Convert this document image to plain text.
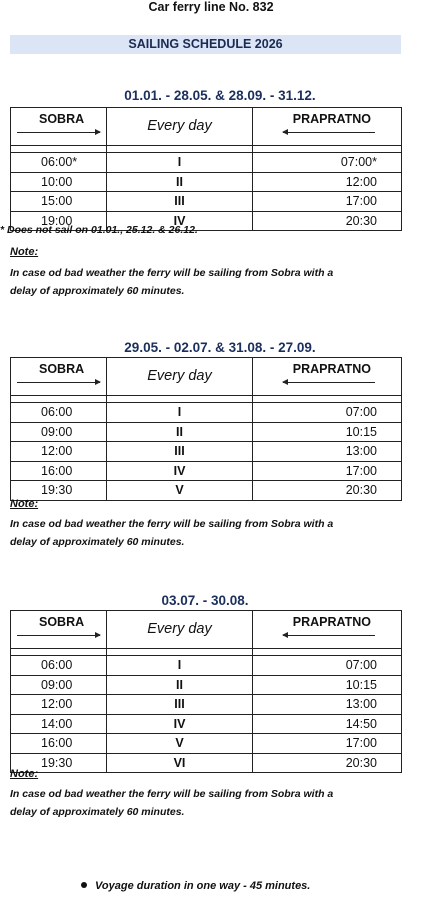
Car ferry line No. 832
SAILING SCHEDULE 2026
01.01. - 28.05. & 28.09. - 31.12.
SOBRA	Every day	PRAPRATNO

06:00*	I	07:00*
10:00	II	12:00
15:00	III	17:00
19:00	IV	20:30
* Does not sail on 01.01., 25.12. & 26.12.
Note:
In case od bad weather the ferry will be sailing from Sobra with a
delay of approximately 60 minutes.
29.05. - 02.07. & 31.08. - 27.09.
SOBRA	Every day	PRAPRATNO

06:00	I	07:00
09:00	II	10:15
12:00	III	13:00
16:00	IV	17:00
19:30	V	20:30
Note:
In case od bad weather the ferry will be sailing from Sobra with a
delay of approximately 60 minutes.
03.07. - 30.08.
SOBRA	Every day	PRAPRATNO

06:00	I	07:00
09:00	II	10:15
12:00	III	13:00
14:00	IV	14:50
16:00	V	17:00
19:30	VI	20:30
Note:
In case od bad weather the ferry will be sailing from Sobra with a
delay of approximately 60 minutes.
Voyage duration in one way - 45 minutes.
